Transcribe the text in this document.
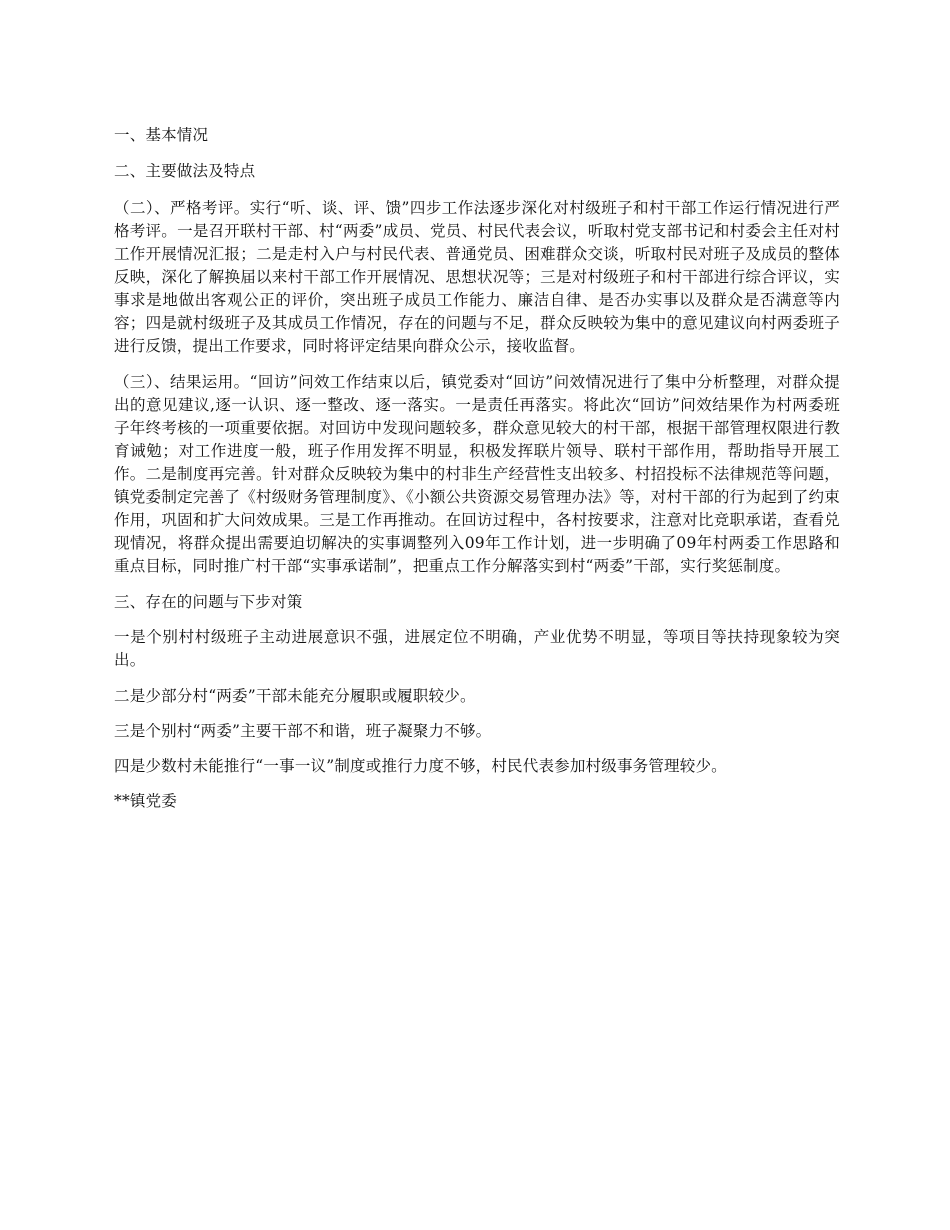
一、基本情况

二、主要做法及特点

（二）、严格考评。实行“听、谈、评、馈”四步工作法逐步深化对村级班子和村干部工作运行情况进行严格考评。一是召开联村干部、村“两委”成员、党员、村民代表会议，听取村党支部书记和村委会主任对村工作开展情况汇报；二是走村入户与村民代表、普通党员、困难群众交谈，听取村民对班子及成员的整体反映，深化了解换届以来村干部工作开展情况、思想状况等；三是对村级班子和村干部进行综合评议，实事求是地做出客观公正的评价，突出班子成员工作能力、廉洁自律、是否办实事以及群众是否满意等内容；四是就村级班子及其成员工作情况，存在的问题与不足，群众反映较为集中的意见建议向村两委班子进行反馈，提出工作要求，同时将评定结果向群众公示，接收监督。

（三）、结果运用。“回访”问效工作结束以后，镇党委对“回访”问效情况进行了集中分析整理，对群众提出的意见建议,逐一认识、逐一整改、逐一落实。一是责任再落实。将此次“回访”问效结果作为村两委班子年终考核的一项重要依据。对回访中发现问题较多，群众意见较大的村干部，根据干部管理权限进行教育诫勉；对工作进度一般，班子作用发挥不明显，积极发挥联片领导、联村干部作用，帮助指导开展工作。二是制度再完善。针对群众反映较为集中的村非生产经营性支出较多、村招投标不法律规范等问题，镇党委制定完善了《村级财务管理制度》、《小额公共资源交易管理办法》等，对村干部的行为起到了约束作用，巩固和扩大问效成果。三是工作再推动。在回访过程中，各村按要求，注意对比竞职承诺，查看兑现情况，将群众提出需要迫切解决的实事调整列入09年工作计划，进一步明确了09年村两委工作思路和重点目标，同时推广村干部“实事承诺制”，把重点工作分解落实到村“两委”干部，实行奖惩制度。

三、存在的问题与下步对策

一是个别村村级班子主动进展意识不强，进展定位不明确，产业优势不明显，等项目等扶持现象较为突出。

二是少部分村“两委”干部未能充分履职或履职较少。

三是个别村“两委”主要干部不和谐，班子凝聚力不够。

四是少数村未能推行“一事一议”制度或推行力度不够，村民代表参加村级事务管理较少。

**镇党委
